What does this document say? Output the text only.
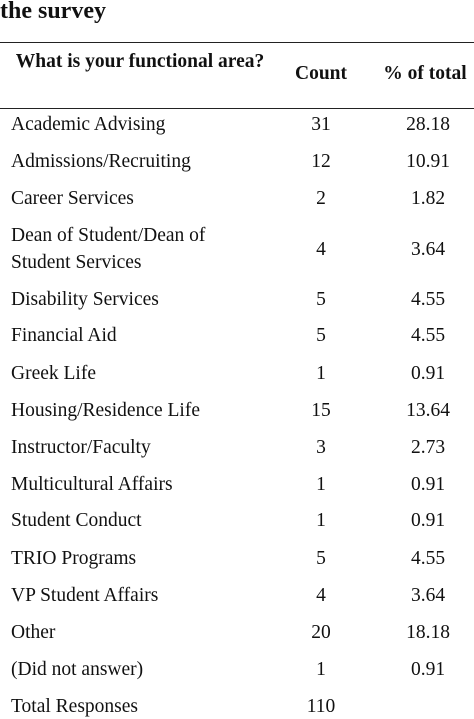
the survey
What is your functional area?
Count	% of total
Academic Advising	31	28.18
Admissions/Recruiting	12	10.91
Career Services	2	1.82
Dean of Student/Dean of
Student Services
4	3.64
Disability Services	5	4.55
Financial Aid	5	4.55
Greek Life	1	0.91
Housing/Residence Life	15	13.64
Instructor/Faculty	3	2.73
Multicultural Affairs	1	0.91
Student Conduct	1	0.91
TRIO Programs	5	4.55
VP Student Affairs	4	3.64
Other	20	18.18
(Did not answer)	1	0.91
Total Responses	110
